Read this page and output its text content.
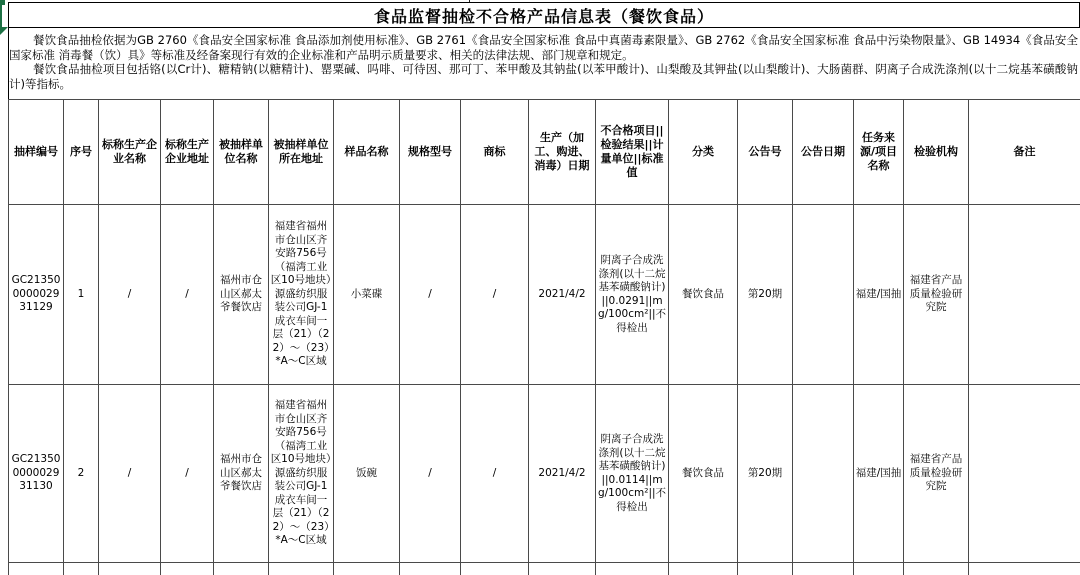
食品监督抽检不合格产品信息表（餐饮食品）

餐饮食品抽检依据为GB 2760《食品安全国家标准 食品添加剂使用标准》、GB 2761《食品安全国家标准 食品中真菌毒素限量》、GB 2762《食品安全国家标准 食品中污染物限量》、GB 14934《食品安全国家标准 消毒餐（饮）具》等标准及经备案现行有效的企业标准和产品明示质量要求、相关的法律法规、部门规章和规定。

餐饮食品抽检项目包括铬(以Cr计)、糖精钠(以糖精计)、罂粟碱、吗啡、可待因、那可丁、苯甲酸及其钠盐(以苯甲酸计)、山梨酸及其钾盐(以山梨酸计)、大肠菌群、阴离子合成洗涤剂(以十二烷基苯磺酸钠计)等指标。

抽样编号	序号	标称生产企业名称	标称生产企业地址	被抽样单位名称	被抽样单位所在地址	样品名称	规格型号	商标	生产（加工、购进、消毒）日期	不合格项目||检验结果||计量单位||标准值	分类	公告号	公告日期	任务来源/项目名称	检验机构	备注
GC21350000002931129	1	/	/	福州市仓山区郝太爷餐饮店	福建省福州市仓山区齐安路756号（福湾工业区10号地块）源盛纺织服装公司GJ-1成衣车间一层（21）（22）～（23）*A～C区域	小菜碟	/	/	2021/4/2	阴离子合成洗涤剂(以十二烷基苯磺酸钠计)||0.0291||mg/100cm²||不得检出	餐饮食品	第20期		福建/国抽	福建省产品质量检验研究院	
GC21350000002931130	2	/	/	福州市仓山区郝太爷餐饮店	福建省福州市仓山区齐安路756号（福湾工业区10号地块）源盛纺织服装公司GJ-1成衣车间一层（21）（22）～（23）*A～C区域	饭碗	/	/	2021/4/2	阴离子合成洗涤剂(以十二烷基苯磺酸钠计)||0.0114||mg/100cm²||不得检出	餐饮食品	第20期		福建/国抽	福建省产品质量检验研究院	
